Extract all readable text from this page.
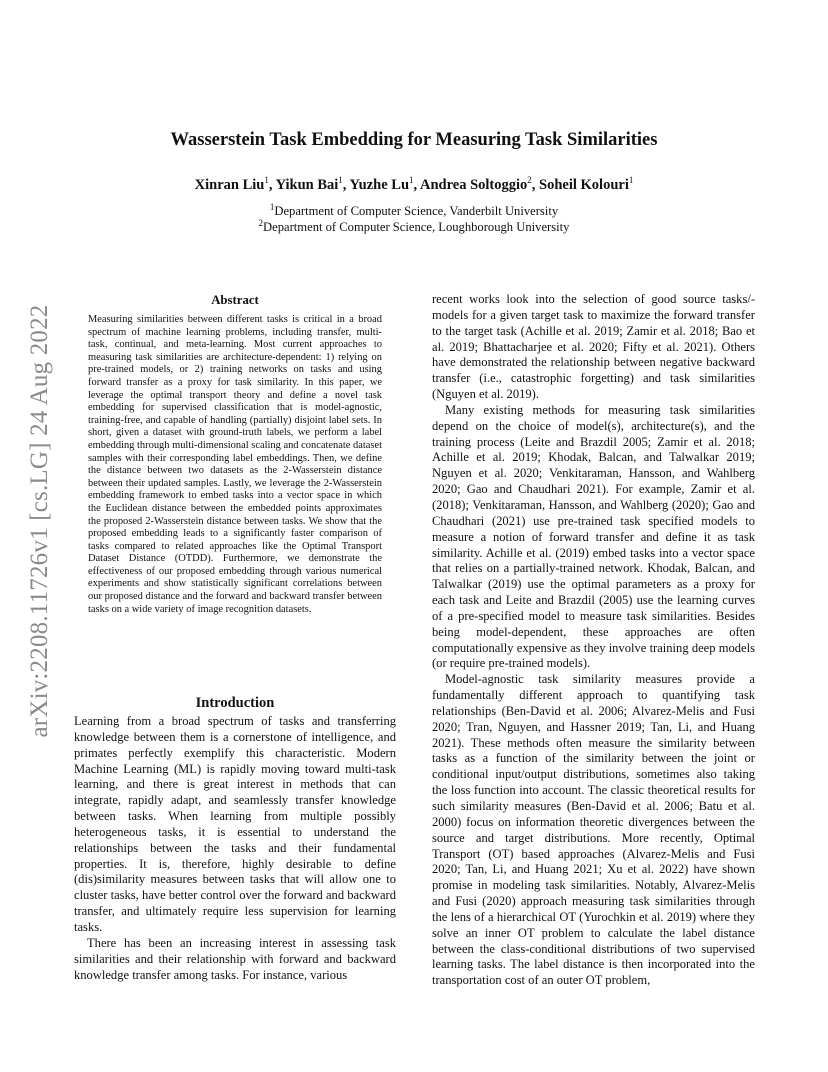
arXiv:2208.11726v1 [cs.LG] 24 Aug 2022
Wasserstein Task Embedding for Measuring Task Similarities
Xinran Liu$^1$, Yikun Bai$^1$, Yuzhe Lu$^1$, Andrea Soltoggio$^2$, Soheil Kolouri$^1$
$^1$Department of Computer Science, Vanderbilt University
$^2$Department of Computer Science, Loughborough University
Abstract
Measuring similarities between different tasks is critical in a broad spectrum of machine learning problems, including transfer, multi-task, continual, and meta-learning. Most current approaches to measuring task similarities are architecture-dependent: 1) relying on pre-trained models, or 2) training networks on tasks and using forward transfer as a proxy for task similarity. In this paper, we leverage the optimal transport theory and define a novel task embedding for supervised classification that is model-agnostic, training-free, and capable of handling (partially) disjoint label sets. In short, given a dataset with ground-truth labels, we perform a label embedding through multi-dimensional scaling and concatenate dataset samples with their corresponding label embeddings. Then, we define the distance between two datasets as the 2-Wasserstein distance between their updated samples. Lastly, we leverage the 2-Wasserstein embedding framework to embed tasks into a vector space in which the Euclidean distance between the embedded points approximates the proposed 2-Wasserstein distance between tasks. We show that the proposed embedding leads to a significantly faster comparison of tasks compared to related approaches like the Optimal Transport Dataset Distance (OTDD). Furthermore, we demonstrate the effectiveness of our proposed embedding through various numerical experiments and show statistically significant correlations between our proposed distance and the forward and backward transfer between tasks on a wide variety of image recognition datasets.
Introduction

Learning from a broad spectrum of tasks and transferring knowledge between them is a cornerstone of intelligence, and primates perfectly exemplify this characteristic. Modern Machine Learning (ML) is rapidly moving toward multi-task learning, and there is great interest in methods that can integrate, rapidly adapt, and seamlessly transfer knowledge between tasks. When learning from multiple possibly heterogeneous tasks, it is essential to understand the relationships between the tasks and their fundamental properties. It is, therefore, highly desirable to define (dis)similarity measures between tasks that will allow one to cluster tasks, have better control over the forward and backward transfer, and ultimately require less supervision for learning tasks.

There has been an increasing interest in assessing task similarities and their relationship with forward and backward knowledge transfer among tasks. For instance, various

recent works look into the selection of good source tasks/-models for a given target task to maximize the forward transfer to the target task (Achille et al. 2019; Zamir et al. 2018; Bao et al. 2019; Bhattacharjee et al. 2020; Fifty et al. 2021). Others have demonstrated the relationship between negative backward transfer (i.e., catastrophic forgetting) and task similarities (Nguyen et al. 2019).

Many existing methods for measuring task similarities depend on the choice of model(s), architecture(s), and the training process (Leite and Brazdil 2005; Zamir et al. 2018; Achille et al. 2019; Khodak, Balcan, and Talwalkar 2019; Nguyen et al. 2020; Venkitaraman, Hansson, and Wahlberg 2020; Gao and Chaudhari 2021). For example, Zamir et al. (2018); Venkitaraman, Hansson, and Wahlberg (2020); Gao and Chaudhari (2021) use pre-trained task specified models to measure a notion of forward transfer and define it as task similarity. Achille et al. (2019) embed tasks into a vector space that relies on a partially-trained network. Khodak, Balcan, and Talwalkar (2019) use the optimal parameters as a proxy for each task and Leite and Brazdil (2005) use the learning curves of a pre-specified model to measure task similarities. Besides being model-dependent, these approaches are often computationally expensive as they involve training deep models (or require pre-trained models).

Model-agnostic task similarity measures provide a fundamentally different approach to quantifying task relationships (Ben-David et al. 2006; Alvarez-Melis and Fusi 2020; Tran, Nguyen, and Hassner 2019; Tan, Li, and Huang 2021). These methods often measure the similarity between tasks as a function of the similarity between the joint or conditional input/output distributions, sometimes also taking the loss function into account. The classic theoretical results for such similarity measures (Ben-David et al. 2006; Batu et al. 2000) focus on information theoretic divergences between the source and target distributions. More recently, Optimal Transport (OT) based approaches (Alvarez-Melis and Fusi 2020; Tan, Li, and Huang 2021; Xu et al. 2022) have shown promise in modeling task similarities. Notably, Alvarez-Melis and Fusi (2020) approach measuring task similarities through the lens of a hierarchical OT (Yurochkin et al. 2019) where they solve an inner OT problem to calculate the label distance between the class-conditional distributions of two supervised learning tasks. The label distance is then incorporated into the transportation cost of an outer OT problem,
